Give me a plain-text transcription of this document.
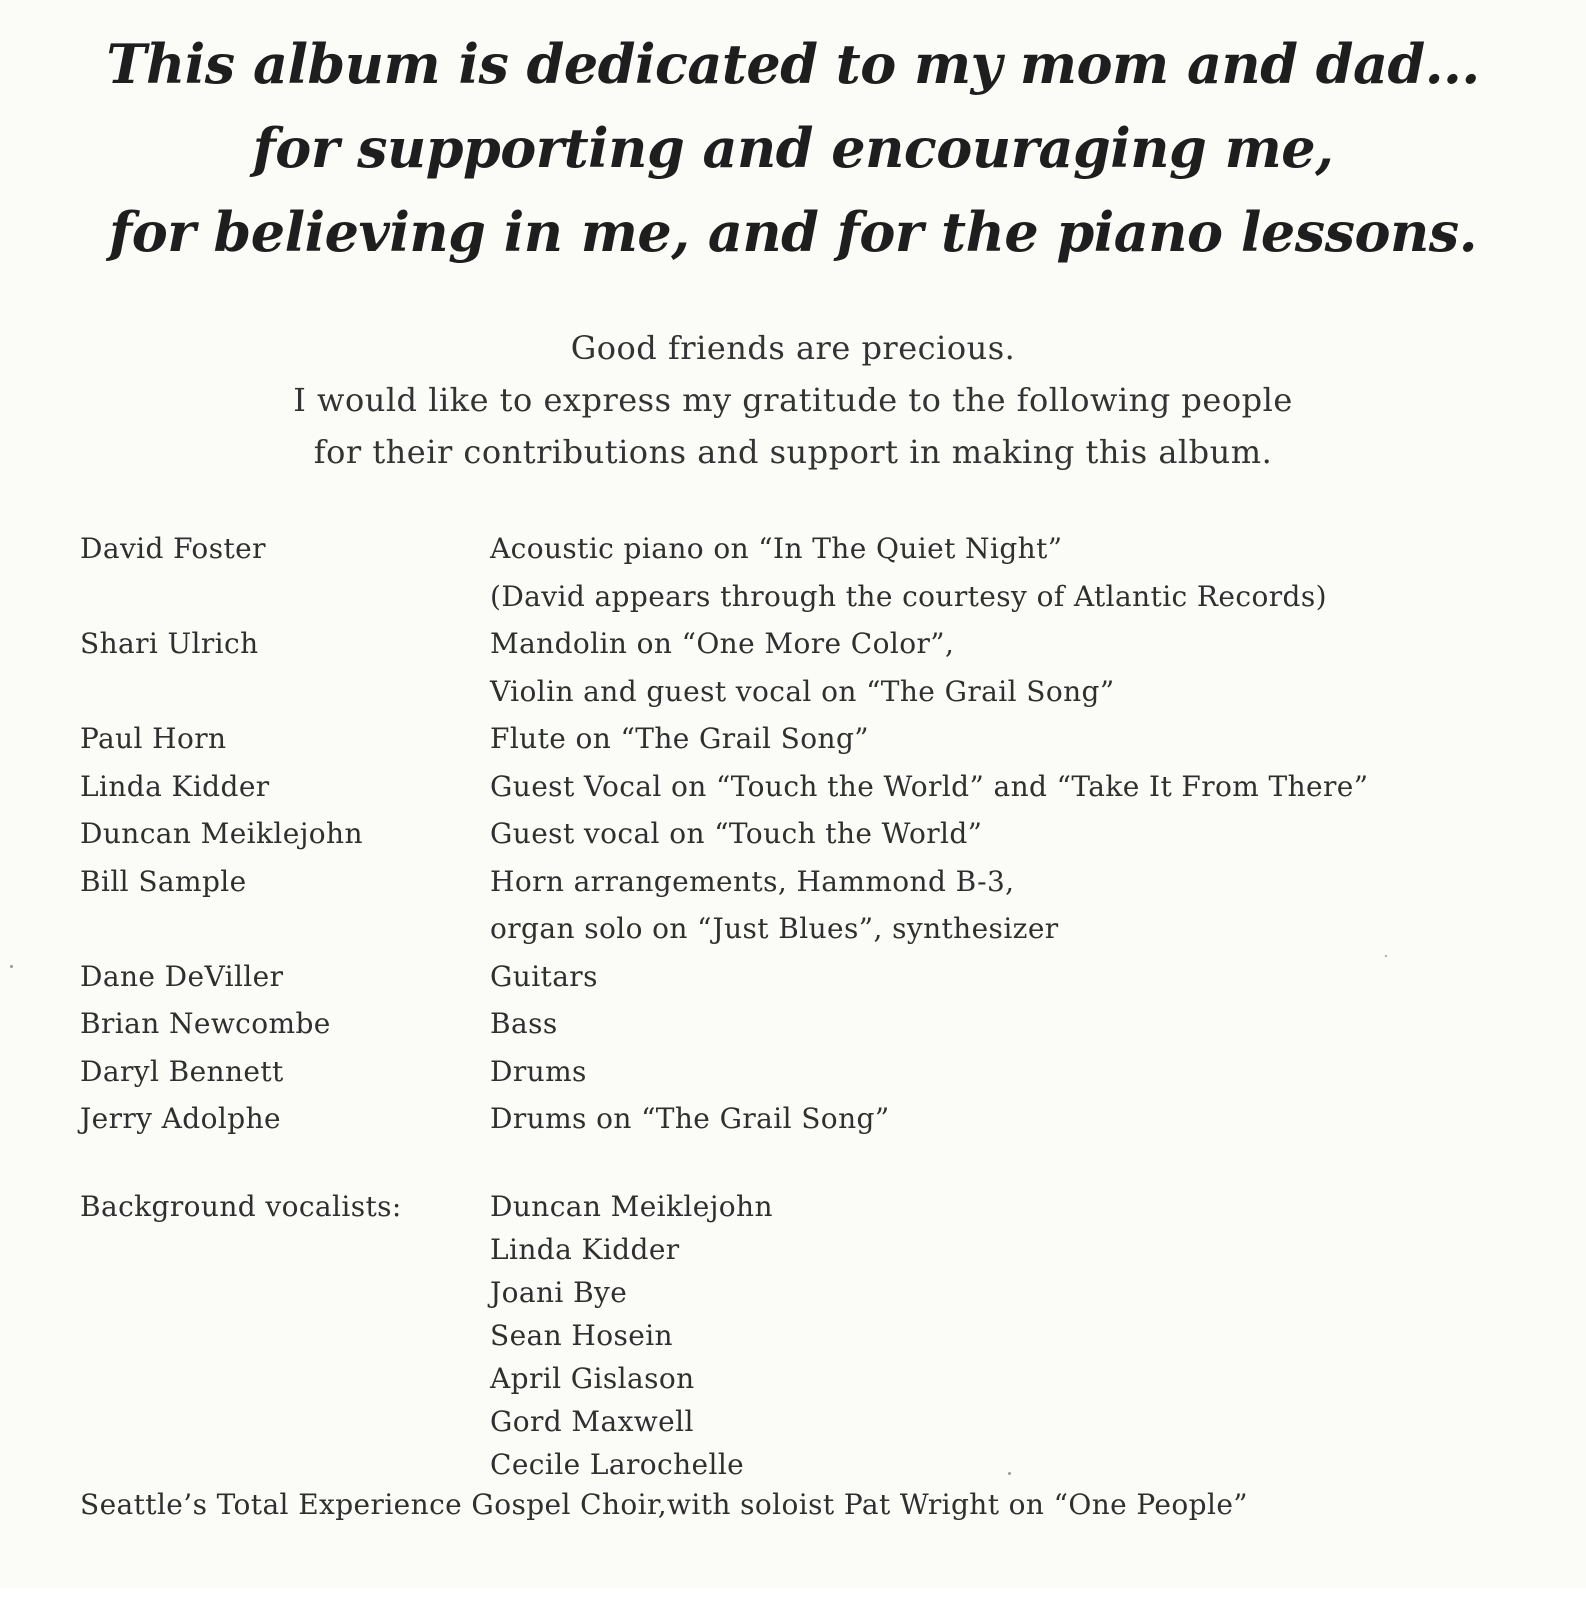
This album is dedicated to my mom and dad...
for supporting and encouraging me,
for believing in me, and for the piano lessons.
Good friends are precious.
I would like to express my gratitude to the following people
for their contributions and support in making this album.
David Foster	Acoustic piano on “In The Quiet Night”
(David appears through the courtesy of Atlantic Records)
Shari Ulrich	Mandolin on “One More Color”,
Violin and guest vocal on “The Grail Song”
Paul Horn	Flute on “The Grail Song”
Linda Kidder	Guest Vocal on “Touch the World” and “Take It From There”
Duncan Meiklejohn	Guest vocal on “Touch the World”
Bill Sample	Horn arrangements, Hammond B-3,
organ solo on “Just Blues”, synthesizer
Dane DeViller	Guitars
Brian Newcombe	Bass
Daryl Bennett	Drums
Jerry Adolphe	Drums on “The Grail Song”
Background vocalists:	Duncan Meiklejohn
Linda Kidder
Joani Bye
Sean Hosein
April Gislason
Gord Maxwell
Cecile Larochelle
Seattle’s Total Experience Gospel Choir,with soloist Pat Wright on “One People”
